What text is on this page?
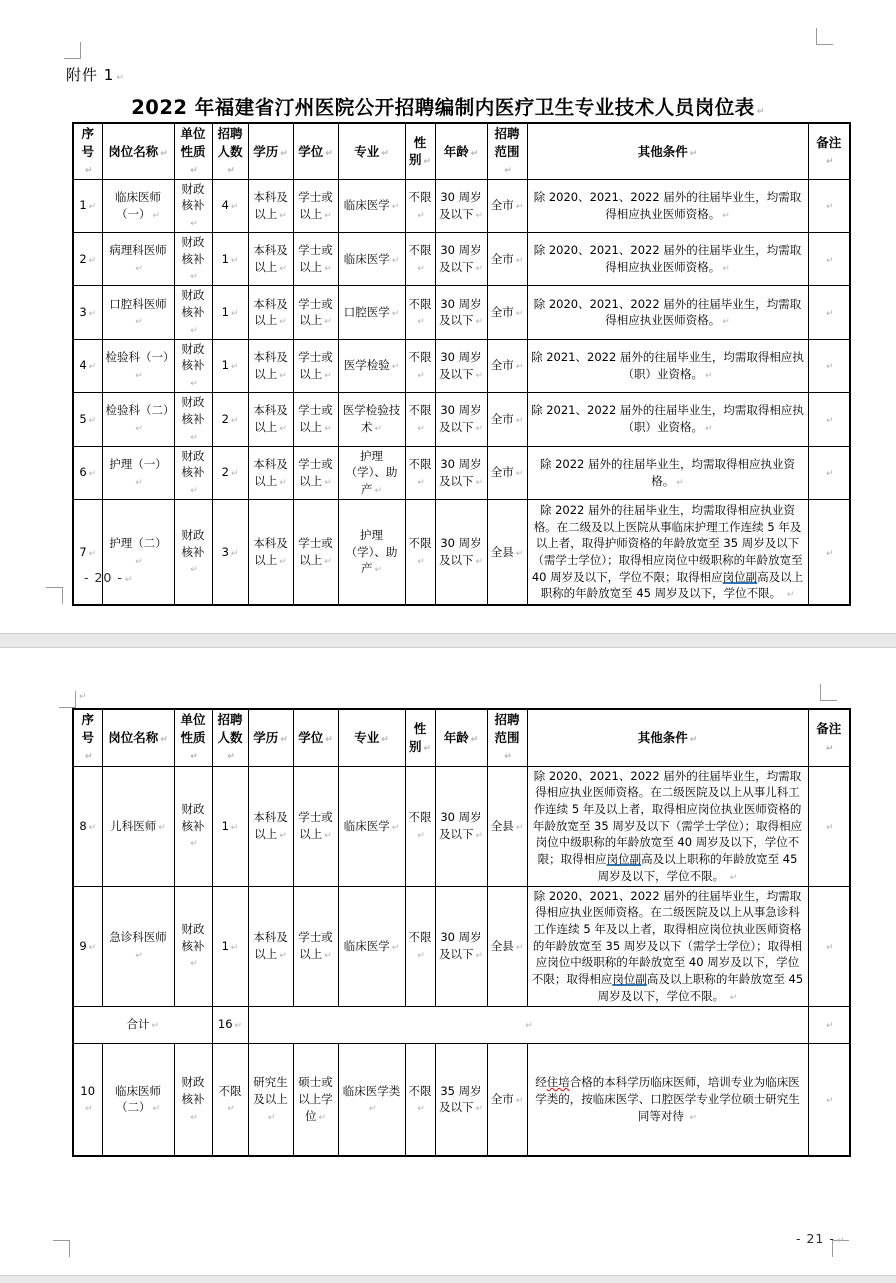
附件 1 ↵
2022 年福建省汀州医院公开招聘编制内医疗卫生专业技术人员岗位表 ↵
序号 ↵	岗位名称 ↵	单位性质 ↵	招聘人数 ↵	学历 ↵	学位 ↵	专业 ↵	性别 ↵	年龄 ↵	招聘范围 ↵	其他条件 ↵	备注 ↵
1 ↵	临床医师（一） ↵	财政核补 ↵	4 ↵	本科及以上 ↵	学士或以上 ↵	临床医学 ↵	不限 ↵	30 周岁及以下 ↵	全市 ↵	除 2020、2021、2022 届外的往届毕业生，均需取得相应执业医师资格。 ↵	↵
2 ↵	病理科医师 ↵	财政核补 ↵	1 ↵	本科及以上 ↵	学士或以上 ↵	临床医学 ↵	不限 ↵	30 周岁及以下 ↵	全市 ↵	除 2020、2021、2022 届外的往届毕业生，均需取得相应执业医师资格。 ↵	↵
3 ↵	口腔科医师 ↵	财政核补 ↵	1 ↵	本科及以上 ↵	学士或以上 ↵	口腔医学 ↵	不限 ↵	30 周岁及以下 ↵	全市 ↵	除 2020、2021、2022 届外的往届毕业生，均需取得相应执业医师资格。 ↵	↵
4 ↵	检验科（一） ↵	财政核补 ↵	1 ↵	本科及以上 ↵	学士或以上 ↵	医学检验 ↵	不限 ↵	30 周岁及以下 ↵	全市 ↵	除 2021、2022 届外的往届毕业生，均需取得相应执（职）业资格。 ↵	↵
5 ↵	检验科（二） ↵	财政核补 ↵	2 ↵	本科及以上 ↵	学士或以上 ↵	医学检验技术 ↵	不限 ↵	30 周岁及以下 ↵	全市 ↵	除 2021、2022 届外的往届毕业生，均需取得相应执（职）业资格。 ↵	↵
6 ↵	护理（一） ↵	财政核补 ↵	2 ↵	本科及以上 ↵	学士或以上 ↵	护理（学）、助产 ↵	不限 ↵	30 周岁及以下 ↵	全市 ↵	除 2022 届外的往届毕业生，均需取得相应执业资格。 ↵	↵
7 ↵	护理（二） ↵	财政核补 ↵	3 ↵	本科及以上 ↵	学士或以上 ↵	护理（学）、助产 ↵	不限 ↵	30 周岁及以下 ↵	全县 ↵	除 2022 届外的往届毕业生，均需取得相应执业资格。在二级及以上医院从事临床护理工作连续 5 年及以上者，取得护师资格的年龄放宽至 35 周岁及以下（需学士学位）；取得相应岗位中级职称的年龄放宽至 40 周岁及以下，学位不限；取得相应岗位副高及以上职称的年龄放宽至 45 周岁及以下，学位不限。 ↵	↵
- 20 - ↵
↵
序号 ↵	岗位名称 ↵	单位性质 ↵	招聘人数 ↵	学历 ↵	学位 ↵	专业 ↵	性别 ↵	年龄 ↵	招聘范围 ↵	其他条件 ↵	备注 ↵
8 ↵	儿科医师 ↵	财政核补 ↵	1 ↵	本科及以上 ↵	学士或以上 ↵	临床医学 ↵	不限 ↵	30 周岁及以下 ↵	全县 ↵	除 2020、2021、2022 届外的往届毕业生，均需取得相应执业医师资格。在二级医院及以上从事儿科工作连续 5 年及以上者，取得相应岗位执业医师资格的年龄放宽至 35 周岁及以下（需学士学位）；取得相应岗位中级职称的年龄放宽至 40 周岁及以下，学位不限；取得相应岗位副高及以上职称的年龄放宽至 45 周岁及以下，学位不限。 ↵	↵
9 ↵	急诊科医师 ↵	财政核补 ↵	1 ↵	本科及以上 ↵	学士或以上 ↵	临床医学 ↵	不限 ↵	30 周岁及以下 ↵	全县 ↵	除 2020、2021、2022 届外的往届毕业生，均需取得相应执业医师资格。在二级医院及以上从事急诊科工作连续 5 年及以上者，取得相应岗位执业医师资格的年龄放宽至 35 周岁及以下（需学士学位）；取得相应岗位中级职称的年龄放宽至 40 周岁及以下，学位不限；取得相应岗位副高及以上职称的年龄放宽至 45 周岁及以下，学位不限。 ↵	↵
合计 ↵			16 ↵	↵	↵
10 ↵	临床医师（二） ↵	财政核补 ↵	不限 ↵	研究生及以上 ↵	硕士或以上学位 ↵	临床医学类 ↵	不限 ↵	35 周岁及以下 ↵	全市 ↵	经住培合格的本科学历临床医师，培训专业为临床医学类的，按临床医学、口腔医学专业学位硕士研究生同等对待 ↵	↵
- 21 - ↵
